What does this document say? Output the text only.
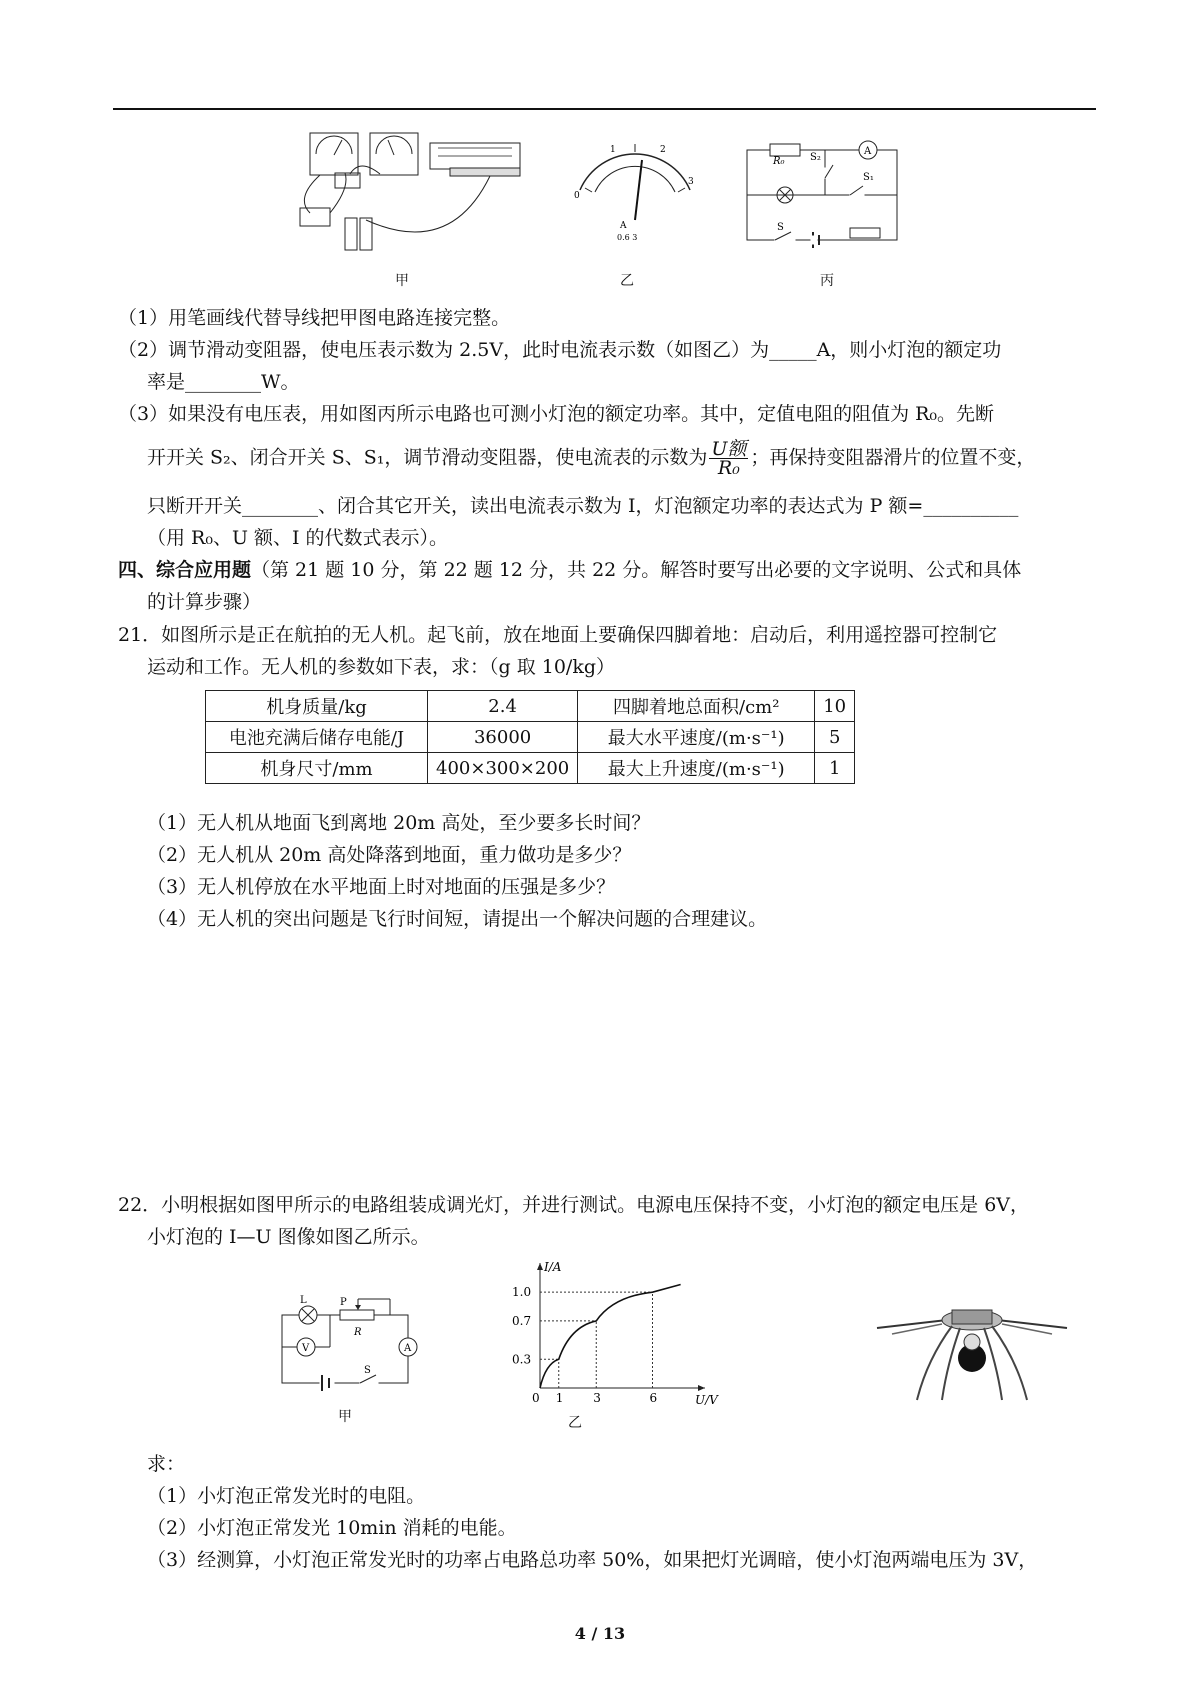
0
1	2
3
A
0.6 3
A
R₀	S₂
S₁
S
甲	乙	丙
（1）用笔画线代替导线把甲图电路连接完整。
（2）调节滑动变阻器，使电压表示数为 2.5V，此时电流表示数（如图乙）为_____A，则小灯泡的额定功
率是________W。
（3）如果没有电压表，用如图丙所示电路也可测小灯泡的额定功率。其中，定值电阻的阻值为 R₀。先断
开开关 S₂、闭合开关 S、S₁，调节滑动变阻器，使电流表的示数为 $\frac{\text{U额}}{\text{R₀}}$ ；再保持变阻器滑片的位置不变，
只断开开关________、闭合其它开关，读出电流表示数为 I，灯泡额定功率的表达式为 P 额=__________
（用 R₀、U 额、I 的代数式表示）。
四、综合应用题（第 21 题 10 分，第 22 题 12 分，共 22 分。解答时要写出必要的文字说明、公式和具体
的计算步骤）
21．如图所示是正在航拍的无人机。起飞前，放在地面上要确保四脚着地：启动后，利用遥控器可控制它
运动和工作。无人机的参数如下表，求：（g 取 10/kg）
机身质量/kg	2.4	四脚着地总面积/cm²	10
电池充满后储存电能/J	36000	最大水平速度/(m·s⁻¹)	5
机身尺寸/mm	400×300×200	最大上升速度/(m·s⁻¹)	1
（1）无人机从地面飞到离地 20m 高处，至少要多长时间？
（2）无人机从 20m 高处降落到地面，重力做功是多少？
（3）无人机停放在水平地面上时对地面的压强是多少？
（4）无人机的突出问题是飞行时间短，请提出一个解决问题的合理建议。
22．小明根据如图甲所示的电路组装成调光灯，并进行测试。电源电压保持不变，小灯泡的额定电压是 6V，
小灯泡的 I—U 图像如图乙所示。
V	A
L	P
R
S
甲
0 1 3	6
0.3
0.7
1.0
U/V
I/A
乙
求：
（1）小灯泡正常发光时的电阻。
（2）小灯泡正常发光 10min 消耗的电能。
（3）经测算，小灯泡正常发光时的功率占电路总功率 50%，如果把灯光调暗，使小灯泡两端电压为 3V，
4 / 13
